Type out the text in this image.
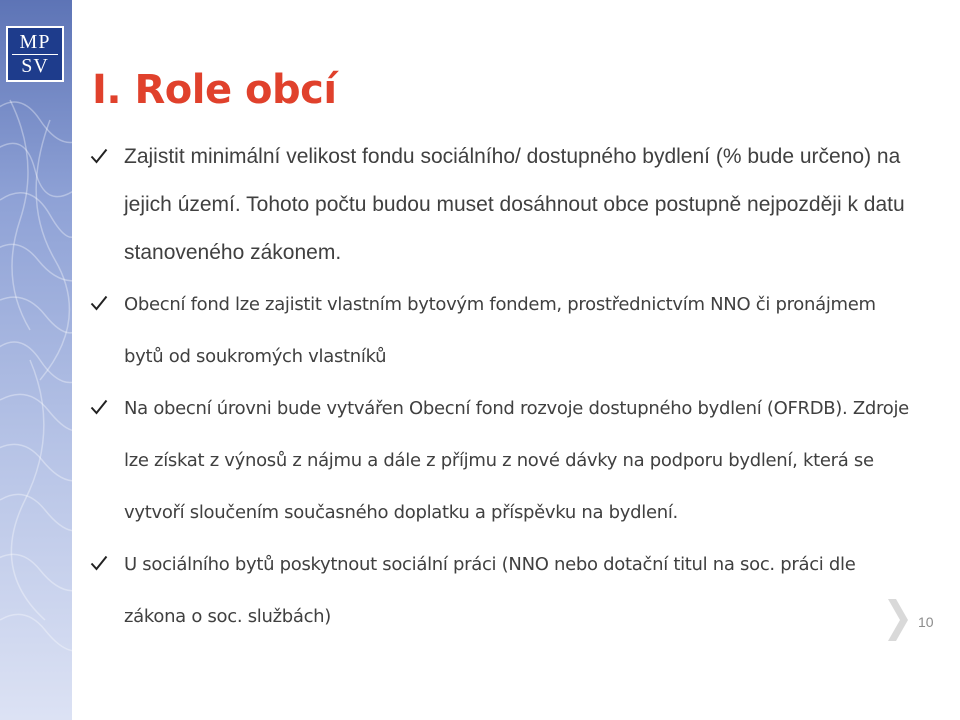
MP
SV
I. Role obcí
Zajistit minimální velikost fondu sociálního/ dostupného bydlení (% bude určeno) na jejich území. Tohoto počtu budou muset dosáhnout obce postupně nejpozději k datu stanoveného zákonem.
Obecní fond lze zajistit vlastním bytovým fondem, prostřednictvím NNO či pronájmem bytů od soukromých vlastníků
Na obecní úrovni bude vytvářen Obecní fond rozvoje dostupného bydlení (OFRDB). Zdroje lze získat z výnosů z nájmu a dále z příjmu z nové dávky na podporu bydlení, která se vytvoří sloučením současného doplatku a příspěvku na bydlení.
U sociálního bytů poskytnout sociální práci (NNO nebo dotační titul na soc. práci dle zákona o soc. službách)	10
